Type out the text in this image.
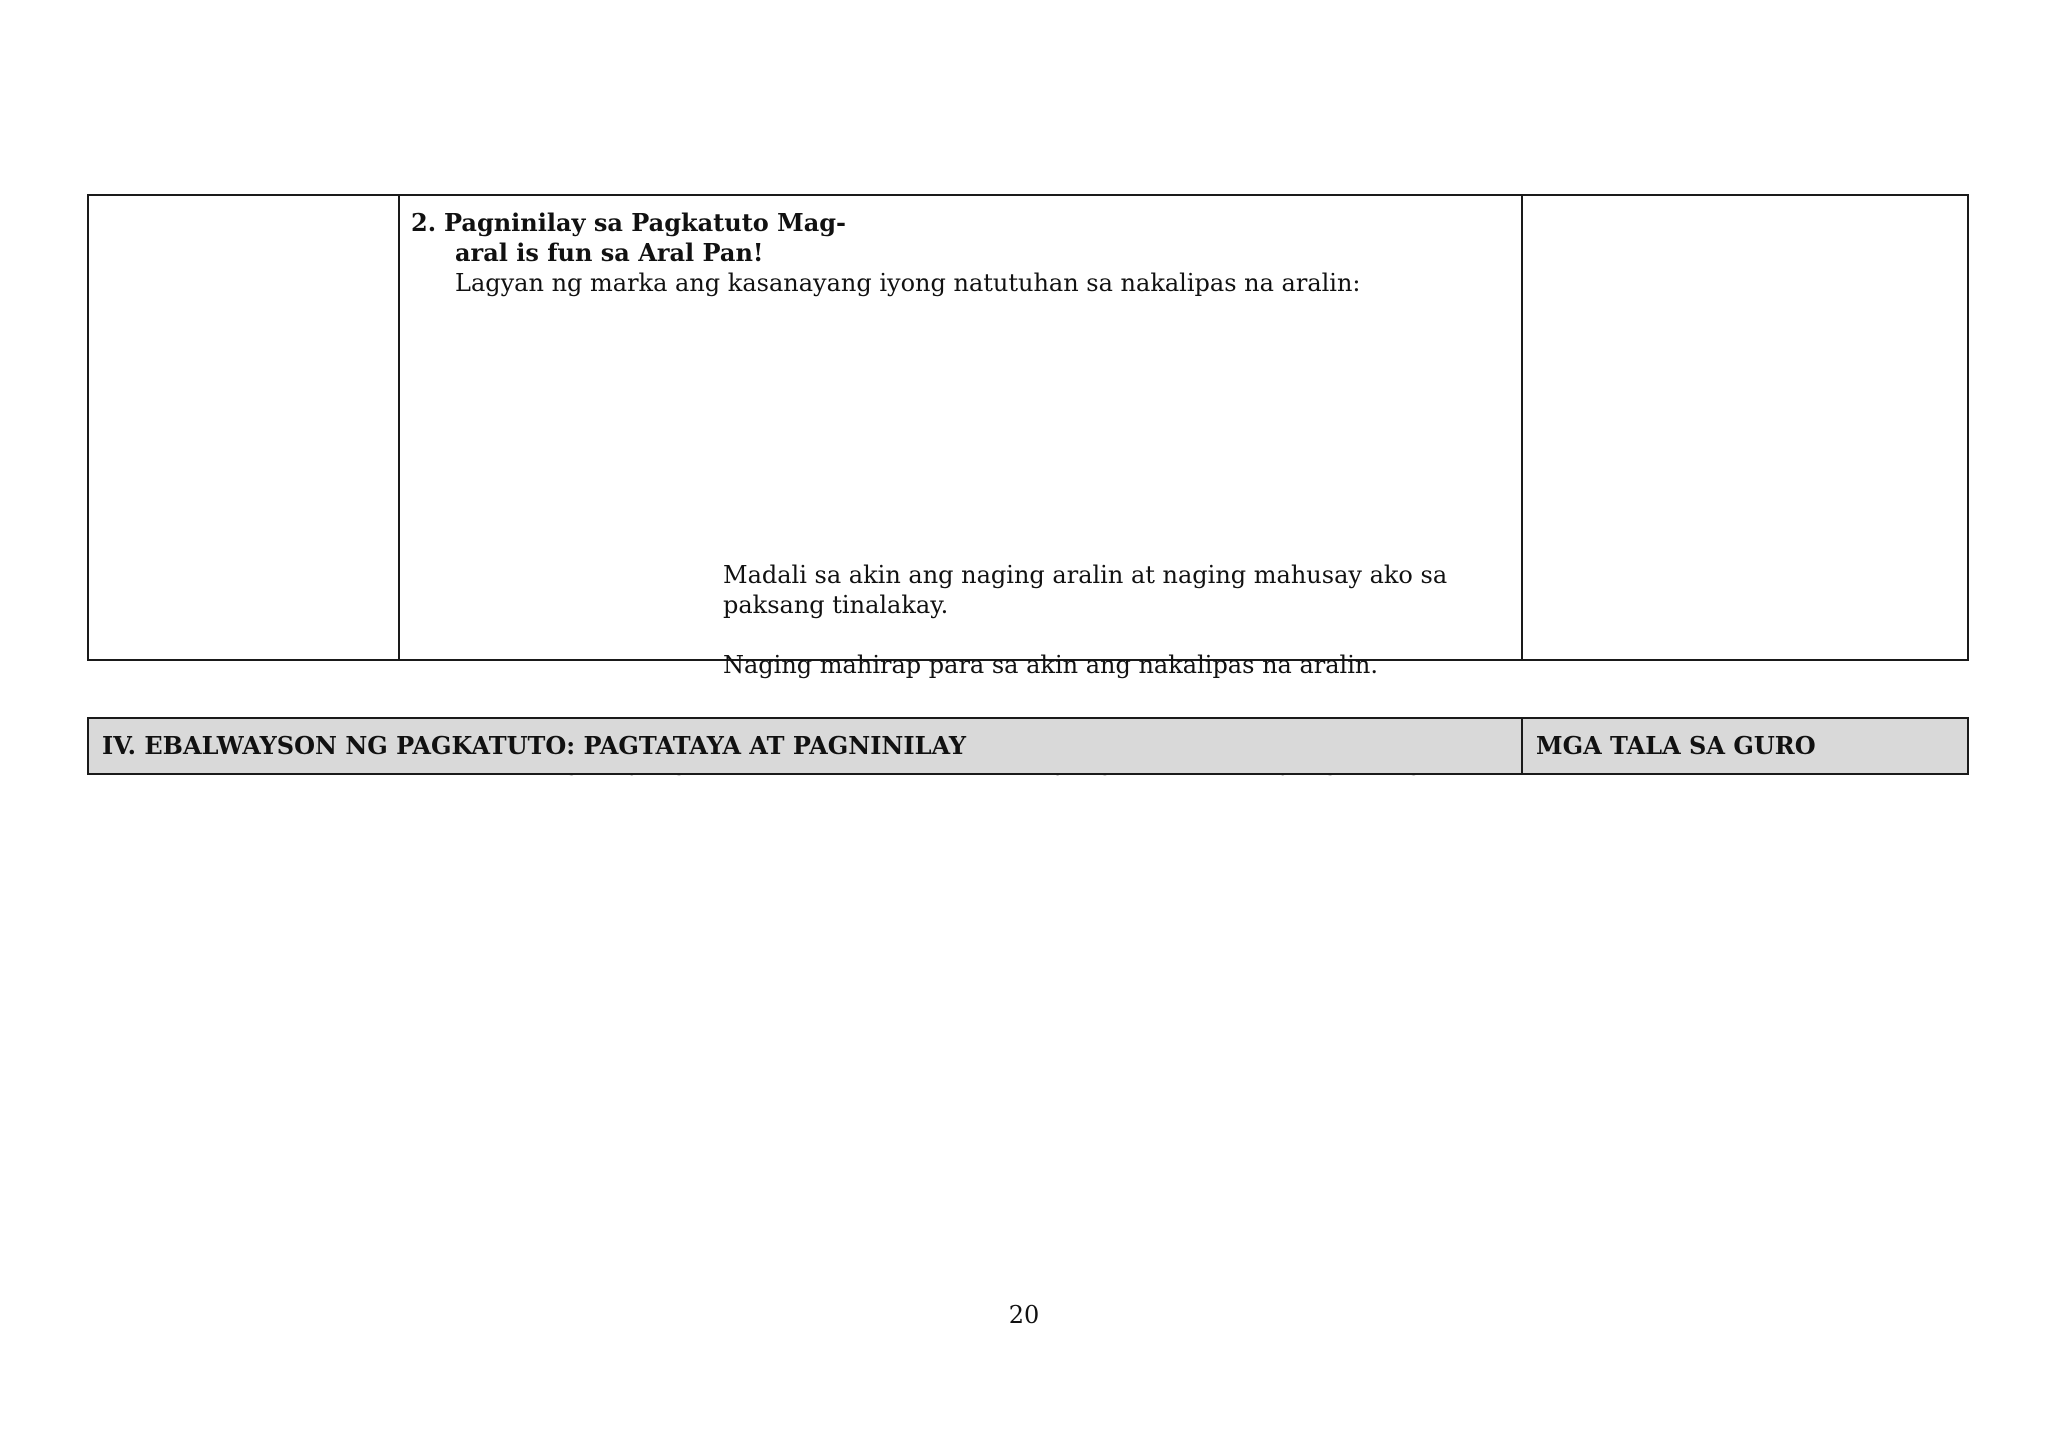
2. Pagninilay sa Pagkatuto Mag-

aral is fun sa Aral Pan!

Lagyan ng marka ang kasanayang iyong natutuhan sa nakalipas na aralin:

Madali sa akin ang naging aralin at naging mahusay ako sa paksang tinalakay.
Naging mahirap para sa akin ang nakalipas na aralin.
IV. EBALWAYSON NG PAGKATUTO: PAGTATAYA AT PAGNINILAY	MGA TALA SA GURO
20
